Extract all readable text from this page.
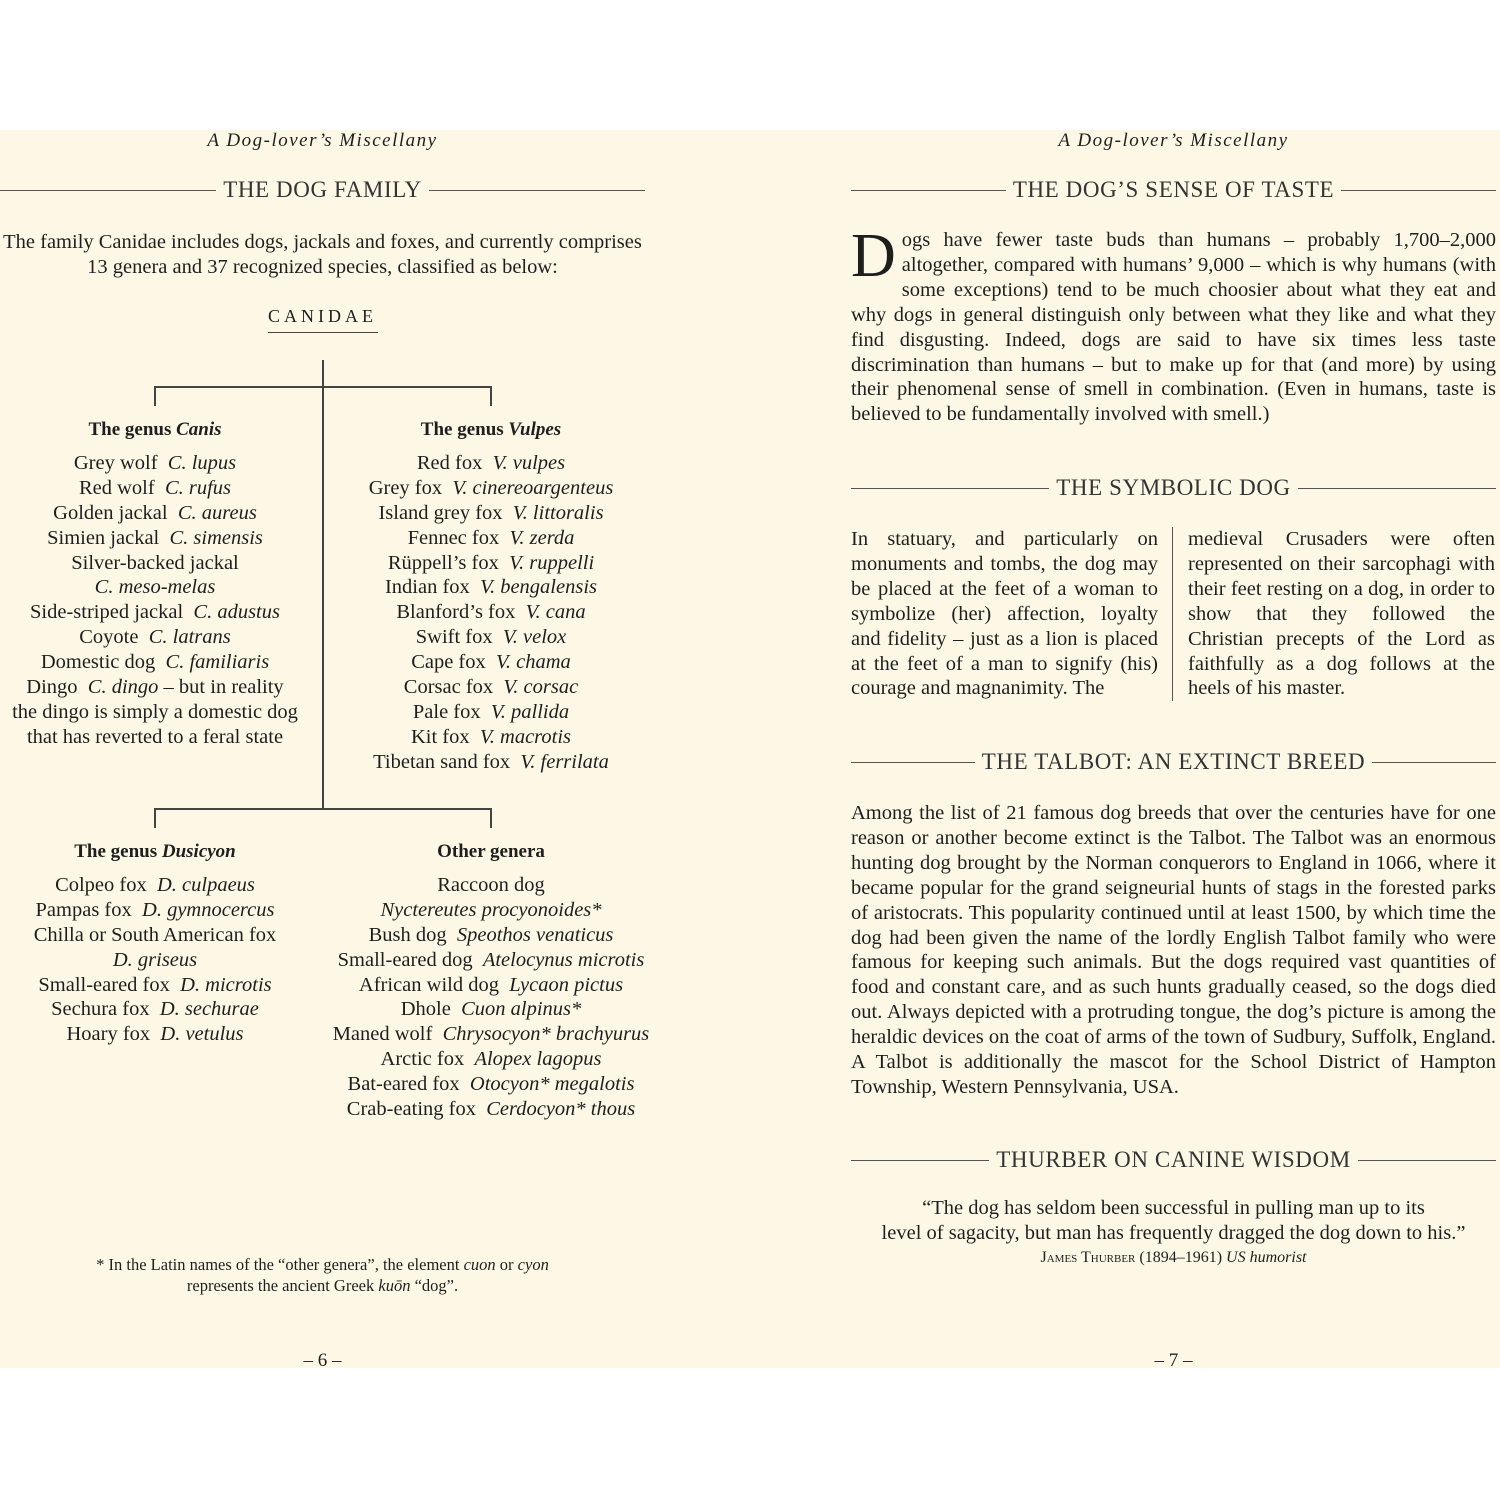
A Dog-lover’s Miscellany
THE DOG FAMILY
The family Canidae includes dogs, jackals and foxes, and currently comprises 13 genera and 37 recognized species, classified as below:
CANIDAE
The genus Canis
Grey wolf  C. lupus
Red wolf  C. rufus
Golden jackal  C. aureus
Simien jackal  C. simensis
Silver-backed jackal
C. meso-melas
Side-striped jackal  C. adustus
Coyote  C. latrans
Domestic dog  C. familiaris
Dingo  C. dingo – but in reality
the dingo is simply a domestic dog
that has reverted to a feral state
The genus Vulpes
Red fox  V. vulpes
Grey fox  V. cinereoargenteus
Island grey fox  V. littoralis
Fennec fox  V. zerda
Rüppell’s fox  V. ruppelli
Indian fox  V. bengalensis
Blanford’s fox  V. cana
Swift fox  V. velox
Cape fox  V. chama
Corsac fox  V. corsac
Pale fox  V. pallida
Kit fox  V. macrotis
Tibetan sand fox  V. ferrilata
The genus Dusicyon
Colpeo fox  D. culpaeus
Pampas fox  D. gymnocercus
Chilla or South American fox
D. griseus
Small-eared fox  D. microtis
Sechura fox  D. sechurae
Hoary fox  D. vetulus
Other genera
Raccoon dog
Nyctereutes procyonoides*
Bush dog  Speothos venaticus
Small-eared dog  Atelocynus microtis
African wild dog  Lycaon pictus
Dhole  Cuon alpinus*
Maned wolf  Chrysocyon* brachyurus
Arctic fox  Alopex lagopus
Bat-eared fox  Otocyon* megalotis
Crab-eating fox  Cerdocyon* thous
* In the Latin names of the “other genera”, the element cuon or cyon
represents the ancient Greek kuōn “dog”.
– 6 –
A Dog-lover’s Miscellany
THE DOG’S SENSE OF TASTE
Dogs have fewer taste buds than humans – probably 1,700–2,000 altogether, compared with humans’ 9,000 – which is why humans (with some exceptions) tend to be much choosier about what they eat and why dogs in general distinguish only between what they like and what they find disgusting. Indeed, dogs are said to have six times less taste discrimination than humans – but to make up for that (and more) by using their phenomenal sense of smell in combination. (Even in humans, taste is believed to be fundamentally involved with smell.)
THE SYMBOLIC DOG
In statuary, and particularly on monuments and tombs, the dog may be placed at the feet of a woman to symbolize (her) affection, loyalty and fidelity – just as a lion is placed at the feet of a man to signify (his) courage and magnanimity. The
medieval Crusaders were often represented on their sarcophagi with their feet resting on a dog, in order to show that they followed the Christian precepts of the Lord as faithfully as a dog follows at the heels of his master.
THE TALBOT: AN EXTINCT BREED
Among the list of 21 famous dog breeds that over the centuries have for one reason or another become extinct is the Talbot. The Talbot was an enormous hunting dog brought by the Norman conquerors to England in 1066, where it became popular for the grand seigneurial hunts of stags in the forested parks of aristocrats. This popularity continued until at least 1500, by which time the dog had been given the name of the lordly English Talbot family who were famous for keeping such animals. But the dogs required vast quantities of food and constant care, and as such hunts gradually ceased, so the dogs died out. Always depicted with a protruding tongue, the dog’s picture is among the heraldic devices on the coat of arms of the town of Sudbury, Suffolk, England. A Talbot is additionally the mascot for the School District of Hampton Township, Western Pennsylvania, USA.
THURBER ON CANINE WISDOM
“The dog has seldom been successful in pulling man up to its
level of sagacity, but man has frequently dragged the dog down to his.”
James Thurber (1894–1961) US humorist
– 7 –
